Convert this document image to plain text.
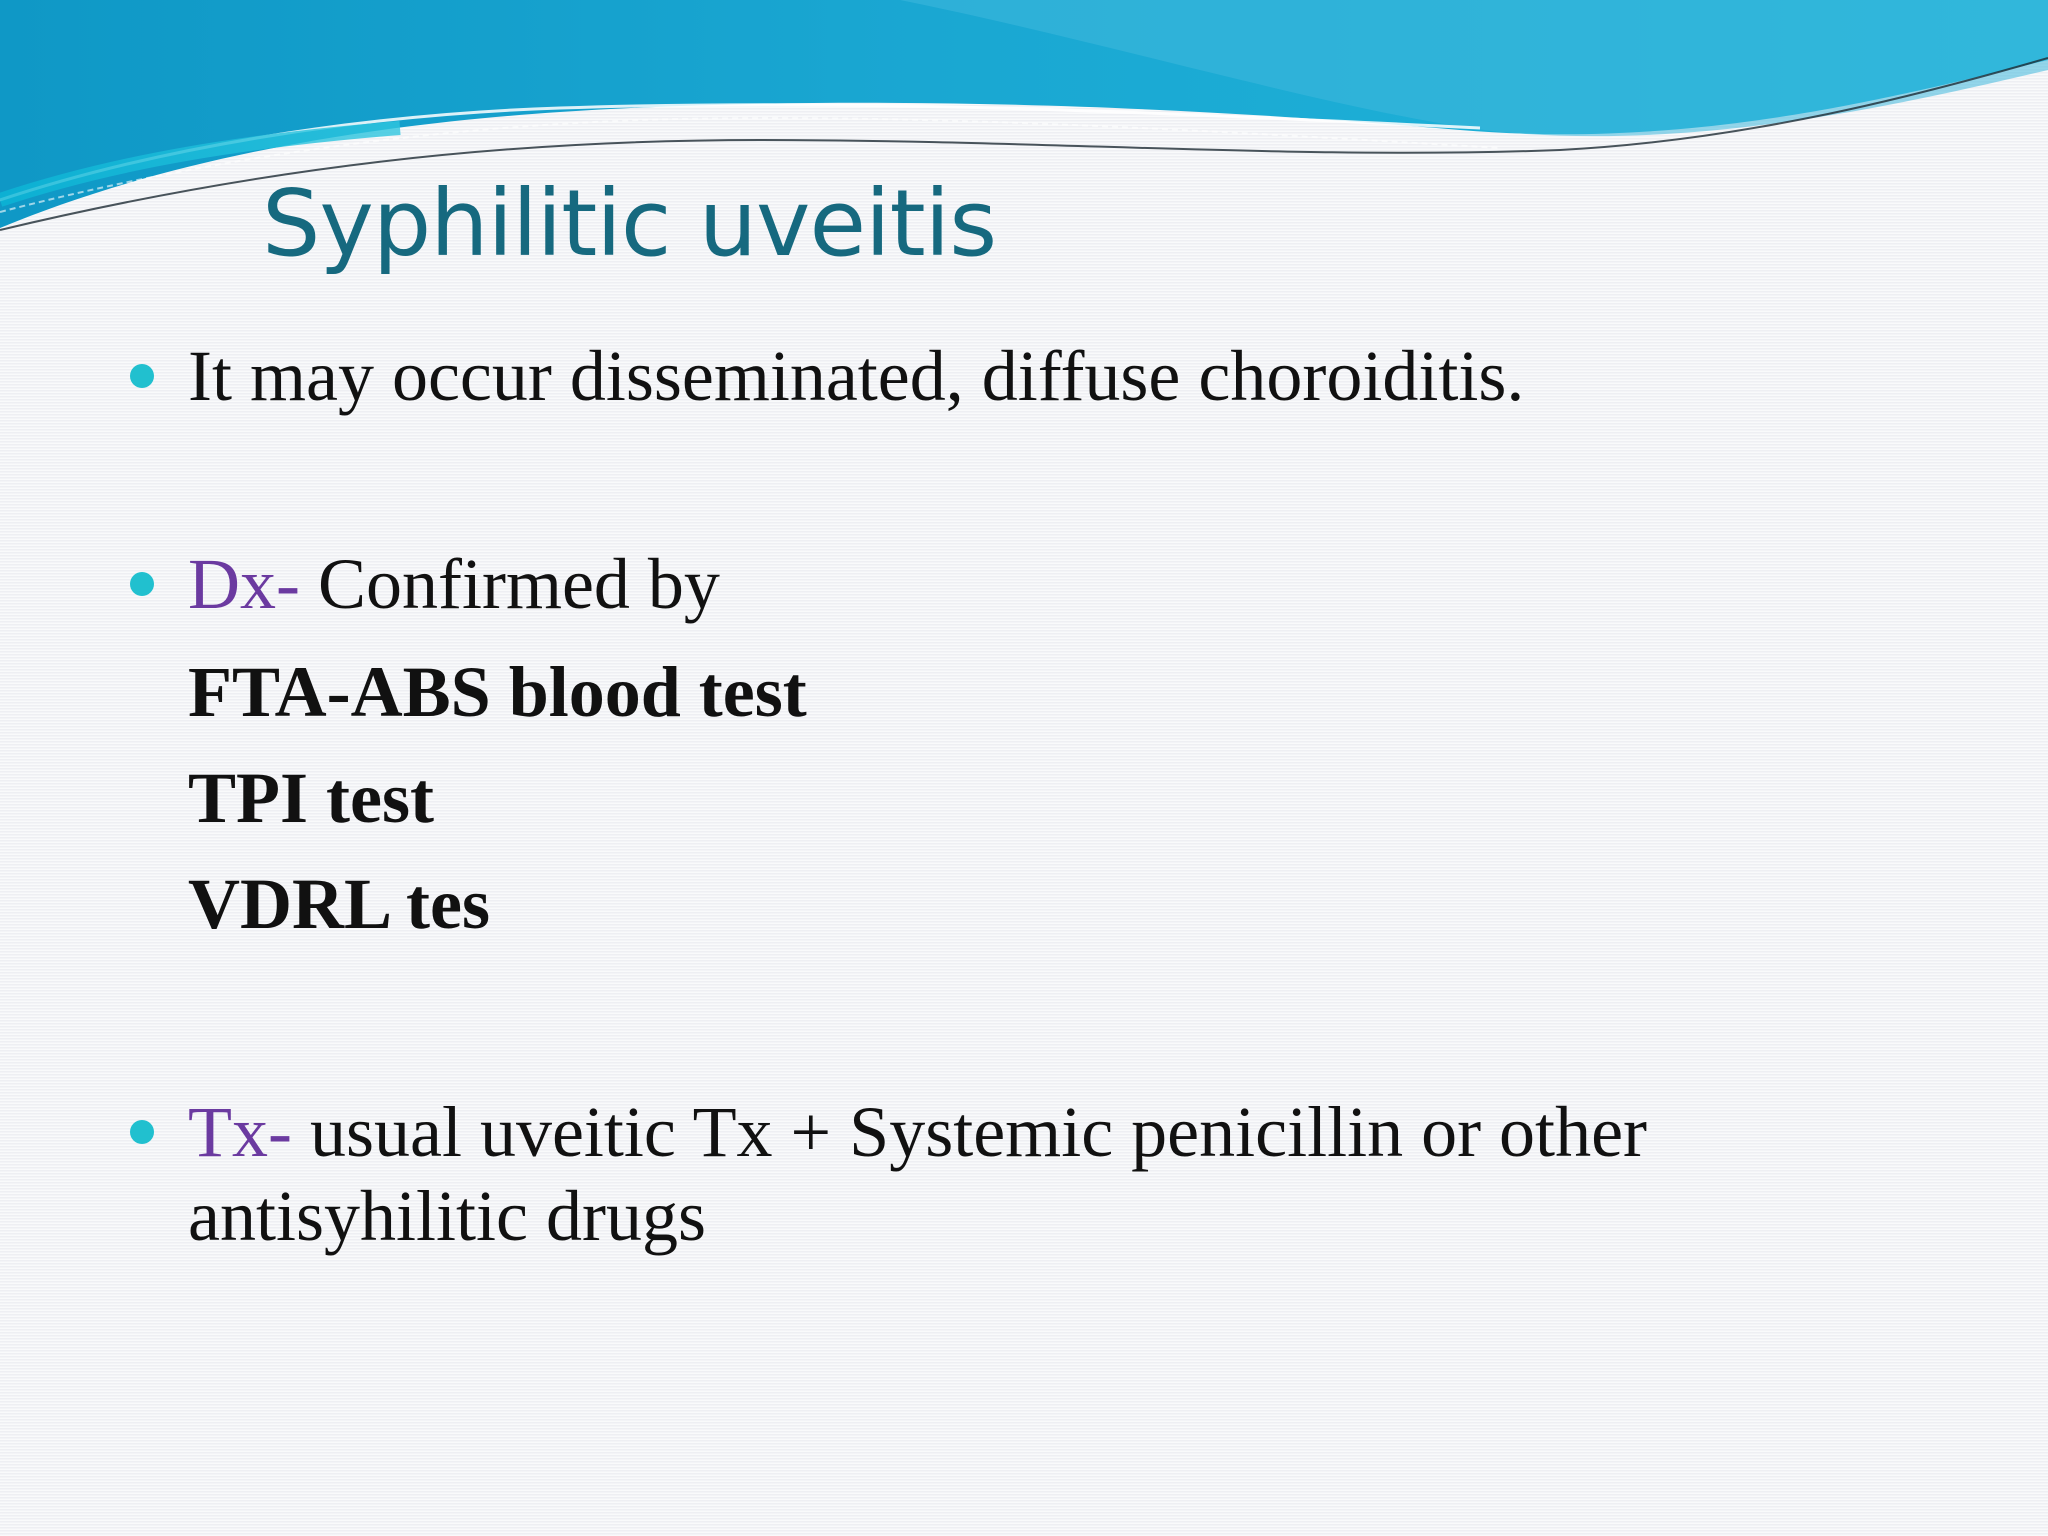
Syphilitic uveitis
It may occur disseminated, diffuse choroiditis.
Dx- Confirmed by
FTA-ABS blood test
TPI test
VDRL tes
Tx- usual uveitic Tx + Systemic penicillin or other antisyhilitic drugs
